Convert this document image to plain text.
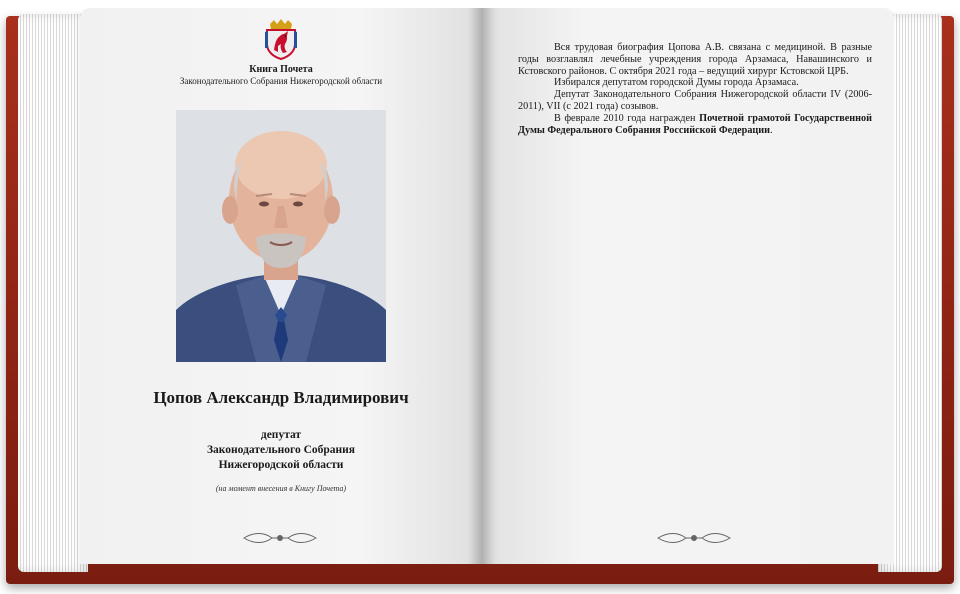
Книга Почета
Законодательного Собрания Нижегородской области
Цопов Александр Владимирович
депутат
Законодательного Собрания
Нижегородской области
(на момент внесения в Книгу Почета)

Вся трудовая биография Цопова А.В. связана с медициной. В разные годы возглавлял лечебные учреждения города Арзамаса, Навашинского и Кстовского районов. С октября 2021 года – ведущий хирург Кстовской ЦРБ.

Избирался депутатом городской Думы города Арзамаса.

Депутат Законодательного Собрания Нижегородской области IV (2006-2011), VII (с 2021 года) созывов.

В феврале 2010 года награжден Почетной грамотой Государственной Думы Федерального Собрания Российской Федерации.
